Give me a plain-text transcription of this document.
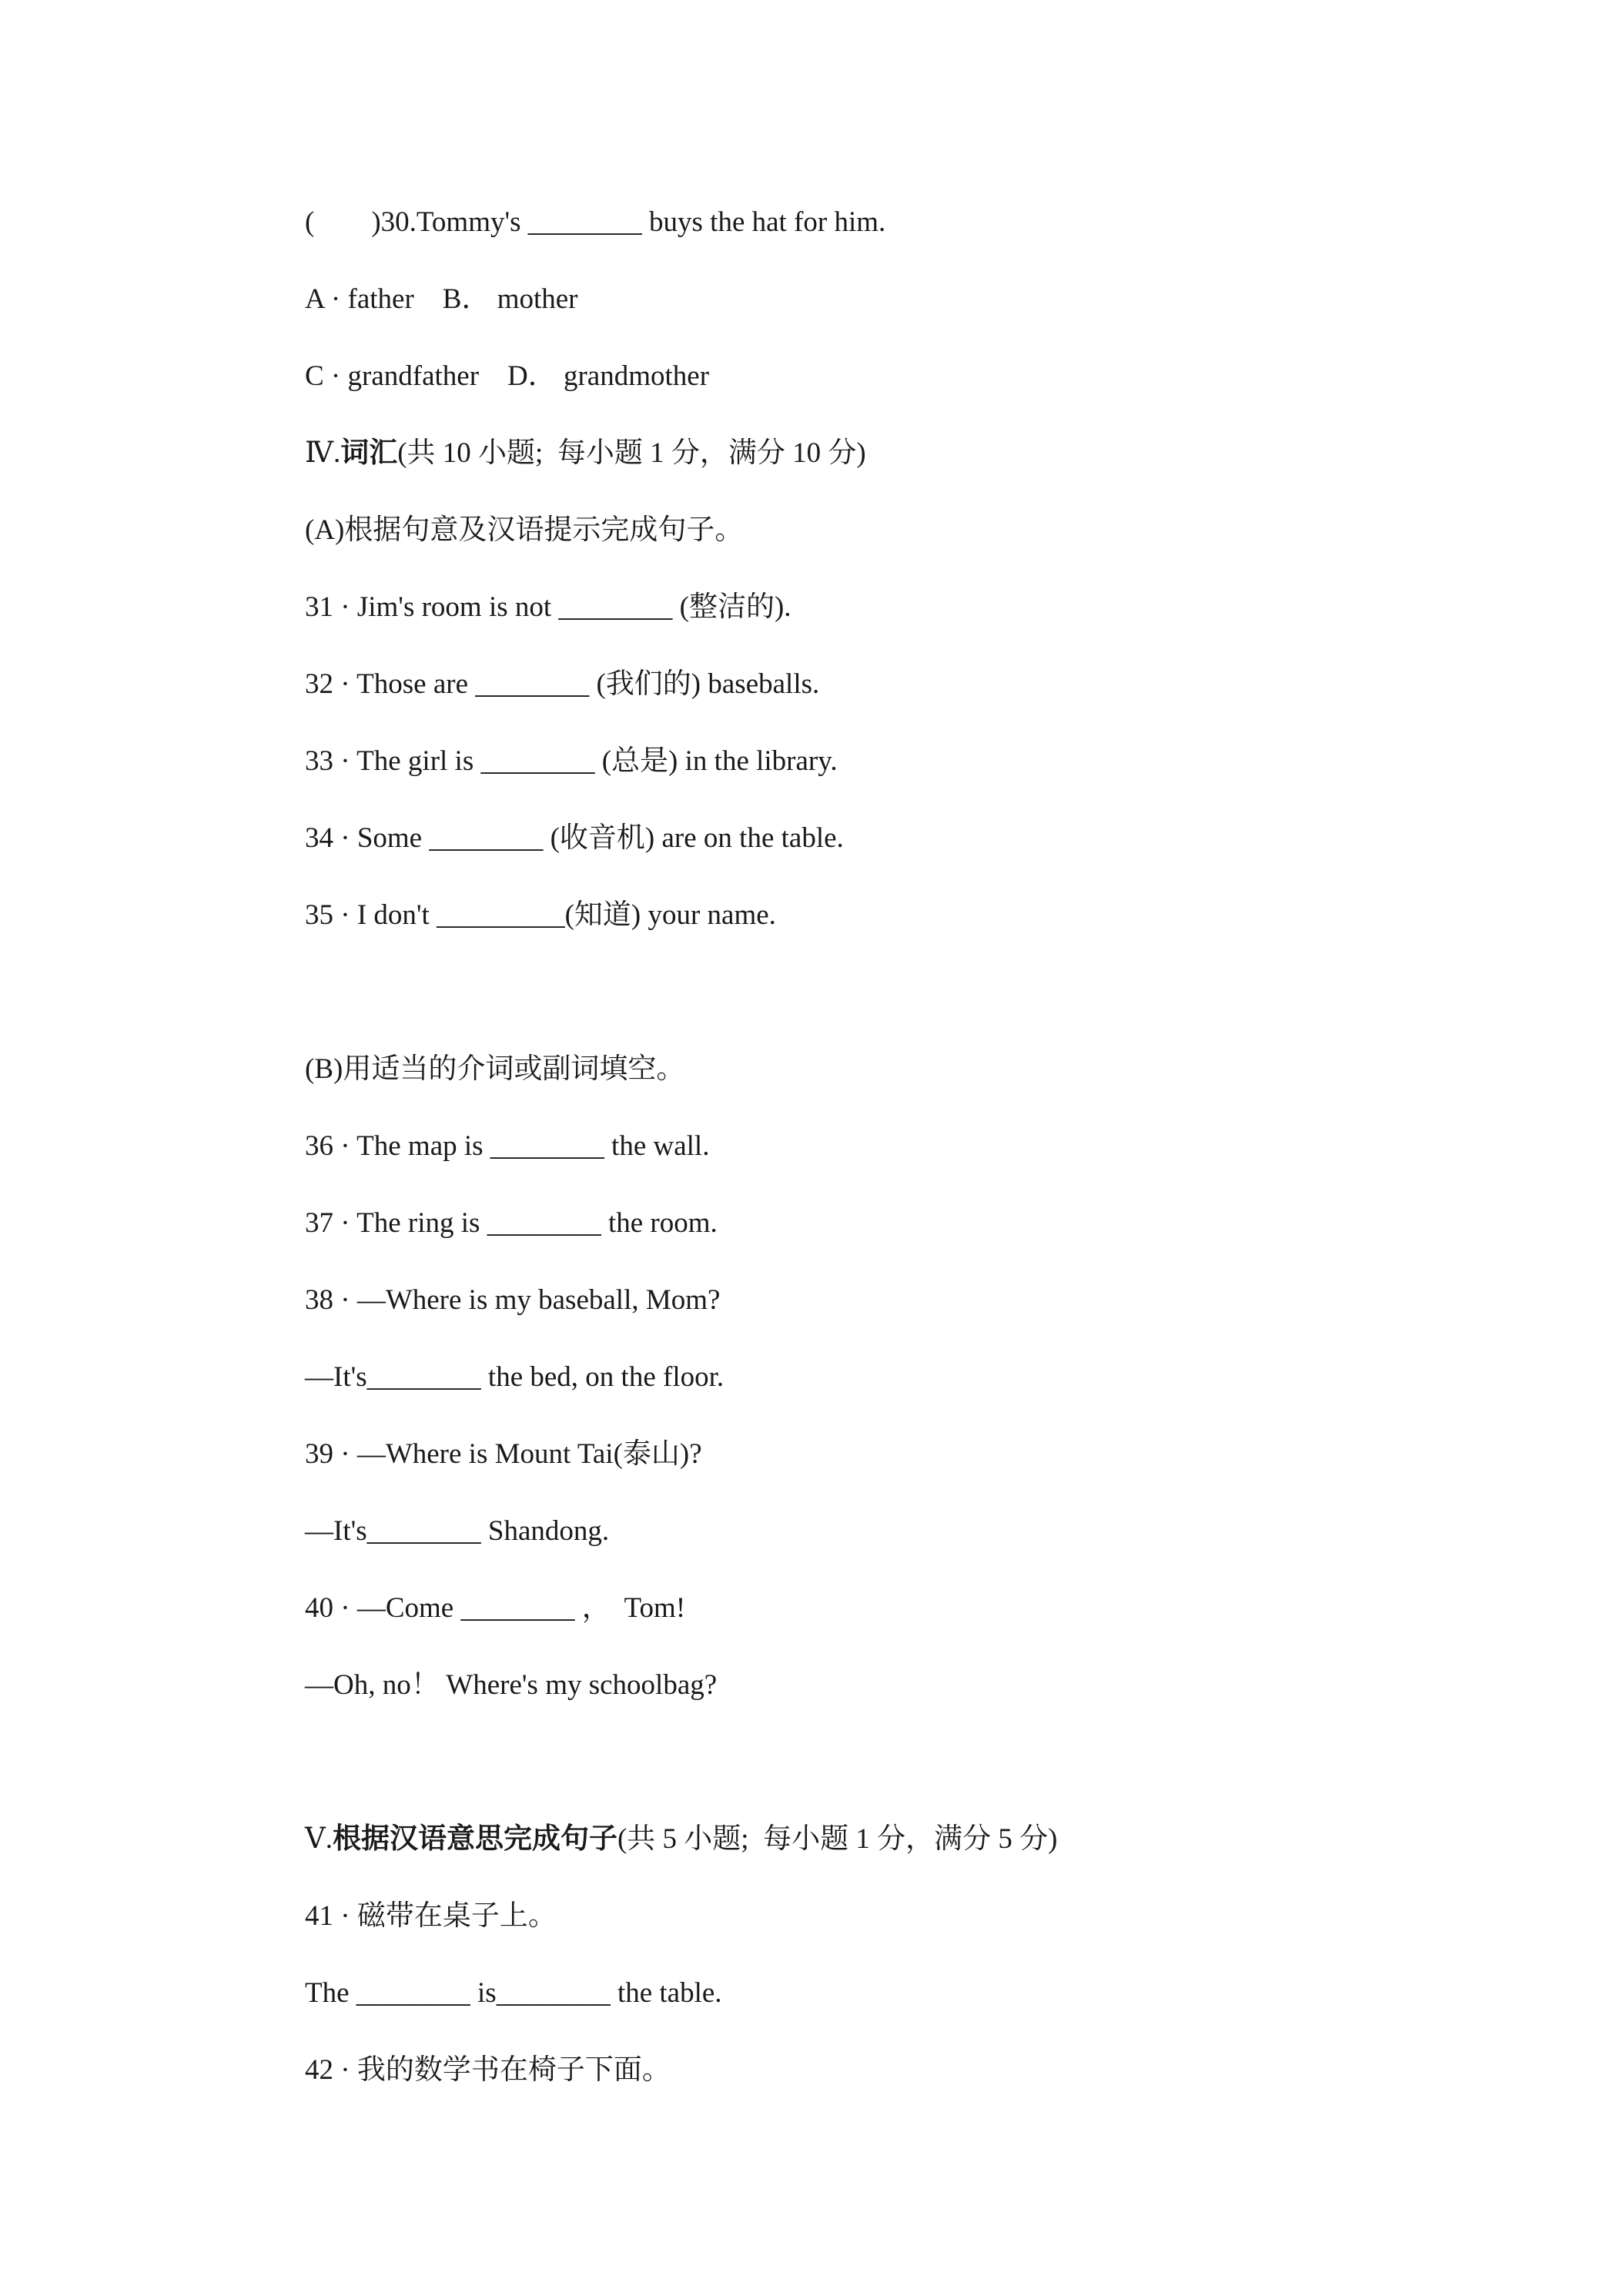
(        )30.Tommy's ________ buys the hat for him.
A · father    B． mother
C · grandfather    D． grandmother
Ⅳ.词汇(共 10 小题;  每小题 1 分，满分 10 分)
(A)根据句意及汉语提示完成句子。
31 · Jim's room is not ________ (整洁的).
32 · Those are ________ (我们的) baseballs.
33 · The girl is ________ (总是) in the library.
34 · Some ________ (收音机) are on the table.
35 · I don't _________(知道) your name.
(B)用适当的介词或副词填空。
36 · The map is ________ the wall.
37 · The ring is ________ the room.
38 · —Where is my baseball, Mom?
—It's________ the bed, on the floor.
39 · —Where is Mount Tai(泰山)?
—It's________ Shandong.
40 · —Come ________ ，  Tom!
—Oh, no！ Where's my schoolbag?
Ⅴ.根据汉语意思完成句子(共 5 小题;  每小题 1 分，满分 5 分)
41 · 磁带在桌子上。
The ________ is________ the table.
42 · 我的数学书在椅子下面。
